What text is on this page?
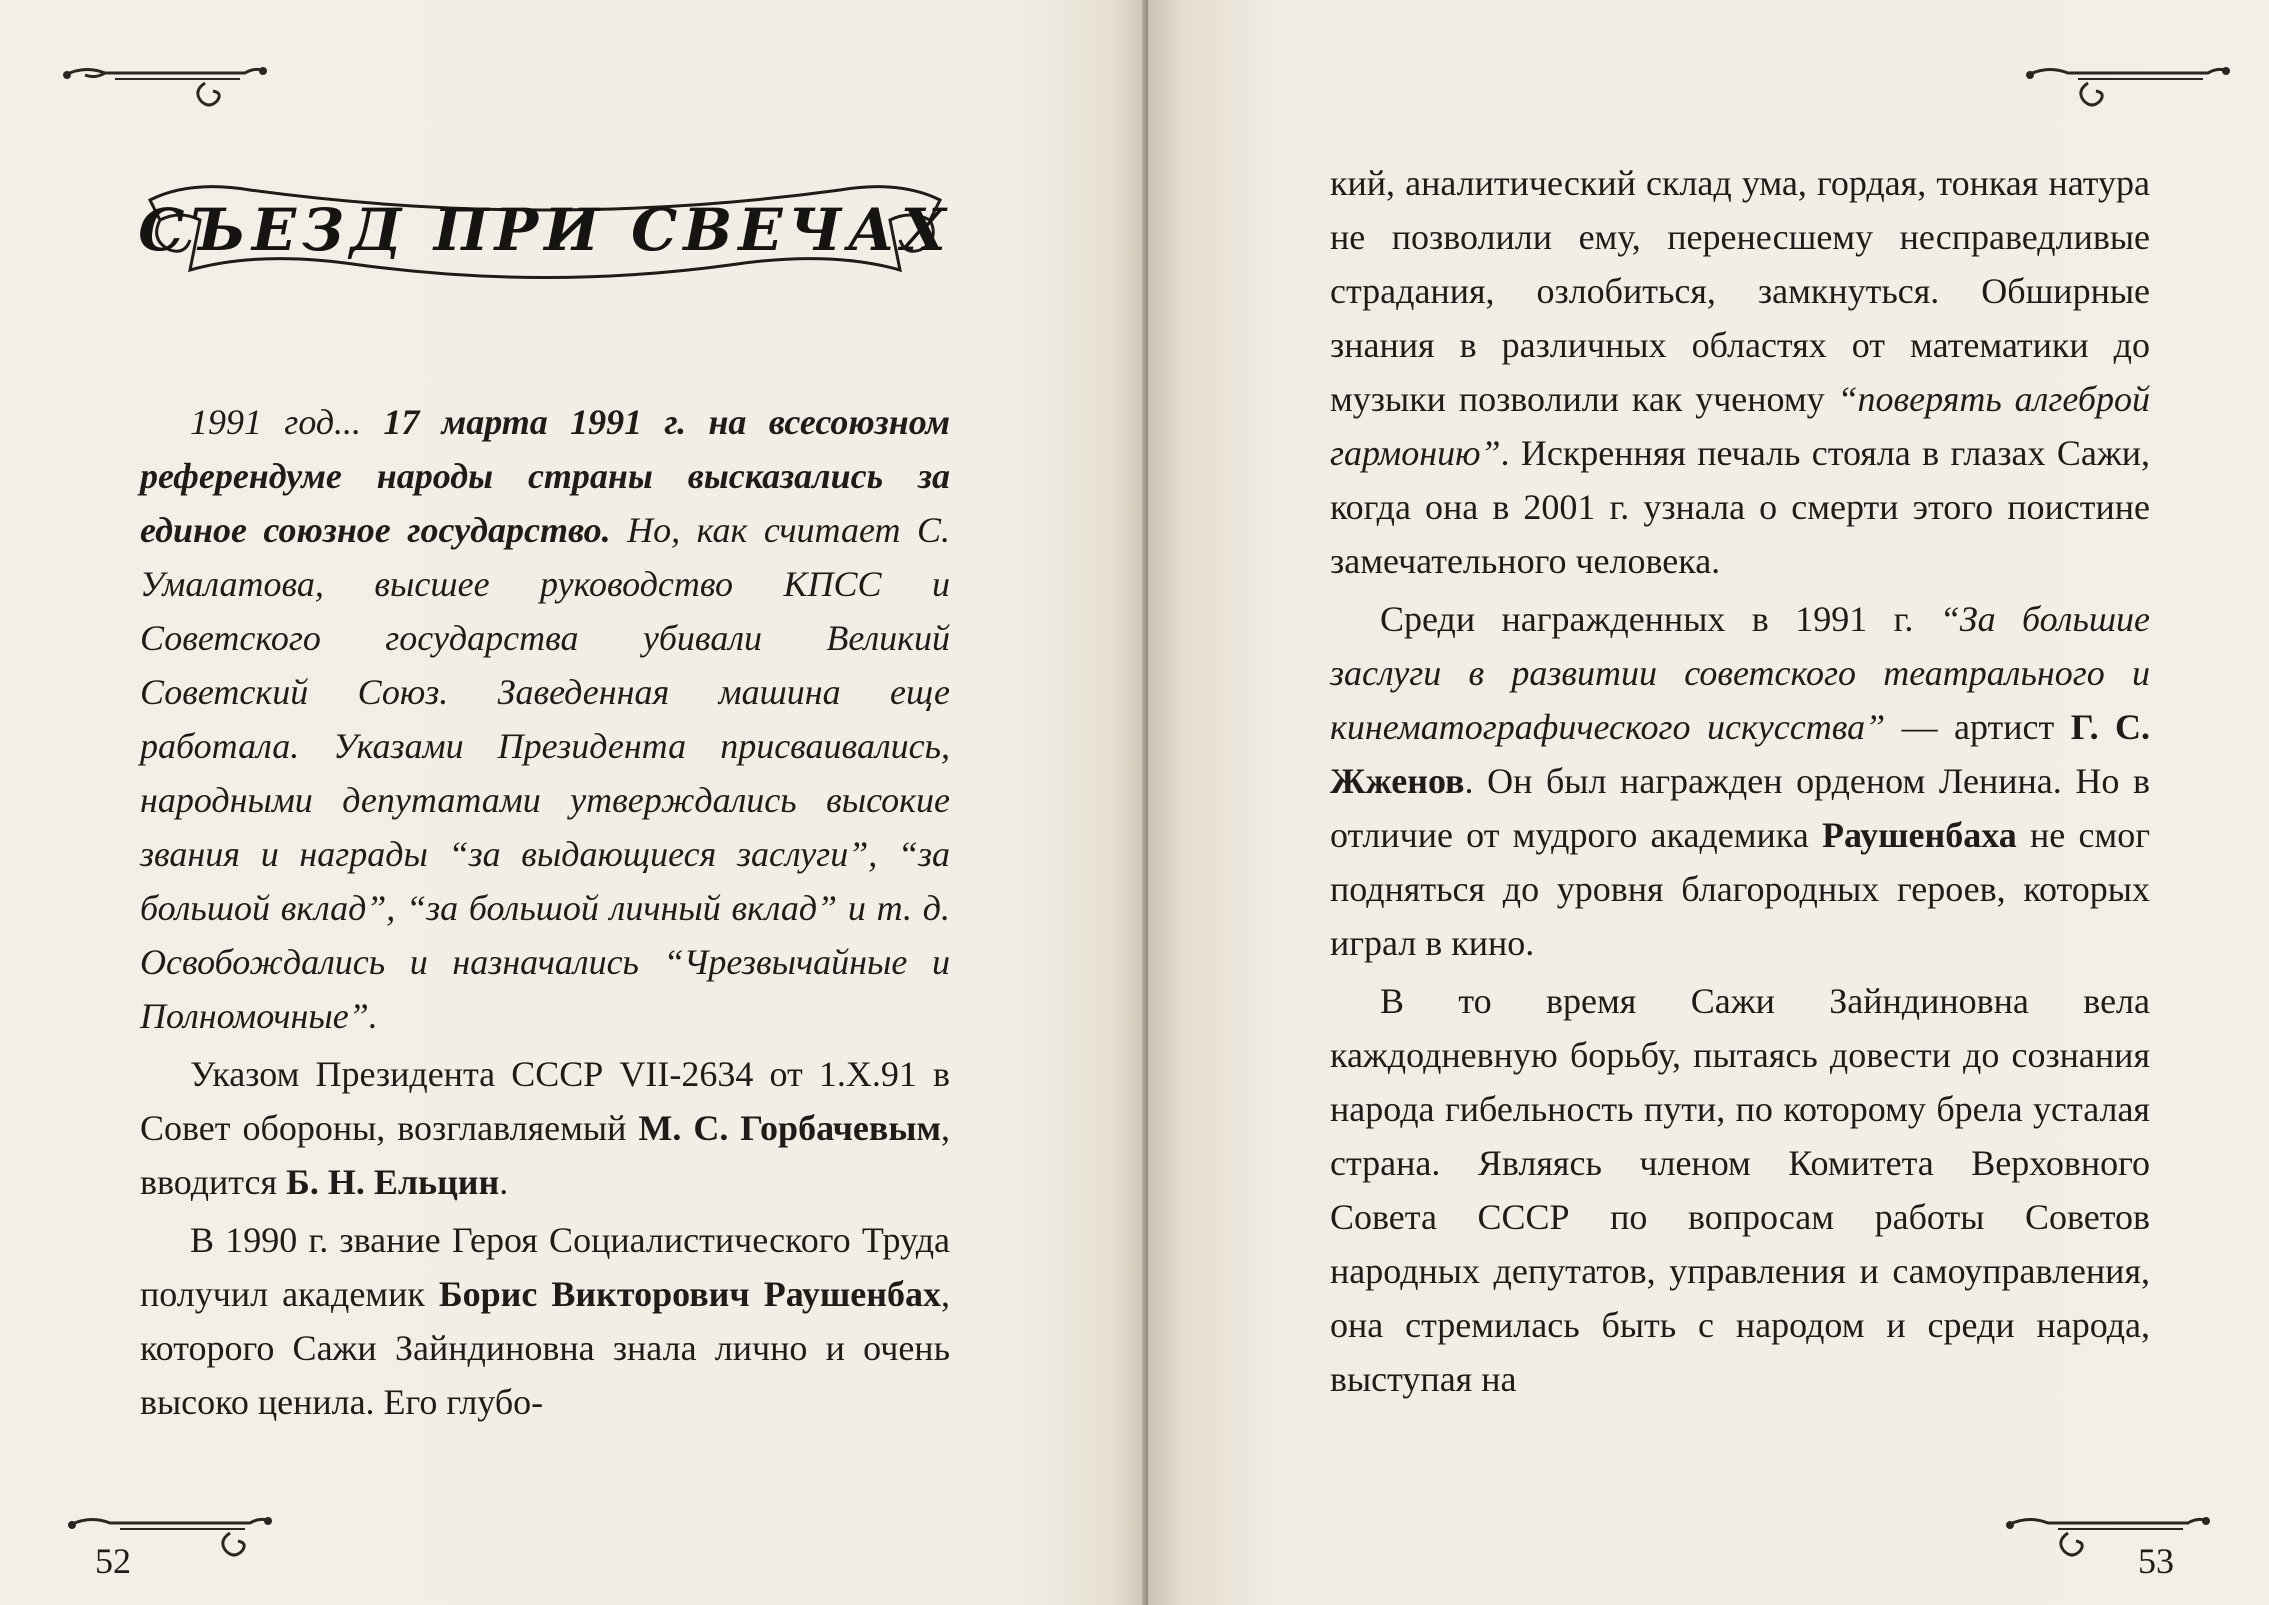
СЪЕЗД ПРИ СВЕЧАХ

1991 год... 17 марта 1991 г. на всесоюзном референдуме народы страны высказались за единое союзное государство. Но, как считает С. Умалатова, высшее руководство КПСС и Советского государства убивали Великий Советский Союз. Заведенная машина еще работала. Указами Президента присваивались, народными депутатами утверждались высокие звания и награды “за выдающиеся заслуги”, “за большой вклад”, “за большой личный вклад” и т. д. Освобождались и назначались “Чрезвычайные и Полномочные”.

Указом Президента СССР VII-2634 от 1.X.91 в Совет обороны, возглавляемый М. С. Горбачевым, вводится Б. Н. Ельцин.

В 1990 г. звание Героя Социалистического Труда получил академик Борис Викторович Раушенбах, которого Сажи Зайндиновна знала лично и очень высоко ценила. Его глубо-

52

кий, аналитический склад ума, гордая, тонкая натура не позволили ему, перенесшему несправедливые страдания, озлобиться, замкнуться. Обширные знания в различных областях от математики до музыки позволили как ученому “поверять алгеброй гармонию”. Искренняя печаль стояла в глазах Сажи, когда она в 2001 г. узнала о смерти этого поистине замечательного человека.

Среди награжденных в 1991 г. “За большие заслуги в развитии советского театрального и кинематографического искусства” — артист Г. С. Жженов. Он был награжден орденом Ленина. Но в отличие от мудрого академика Раушенбаха не смог подняться до уровня благородных героев, которых играл в кино.

В то время Сажи Зайндиновна вела каждодневную борьбу, пытаясь довести до сознания народа гибельность пути, по которому брела усталая страна. Являясь членом Комитета Верховного Совета СССР по вопросам работы Советов народных депутатов, управления и самоуправления, она стремилась быть с народом и среди народа, выступая на

53
